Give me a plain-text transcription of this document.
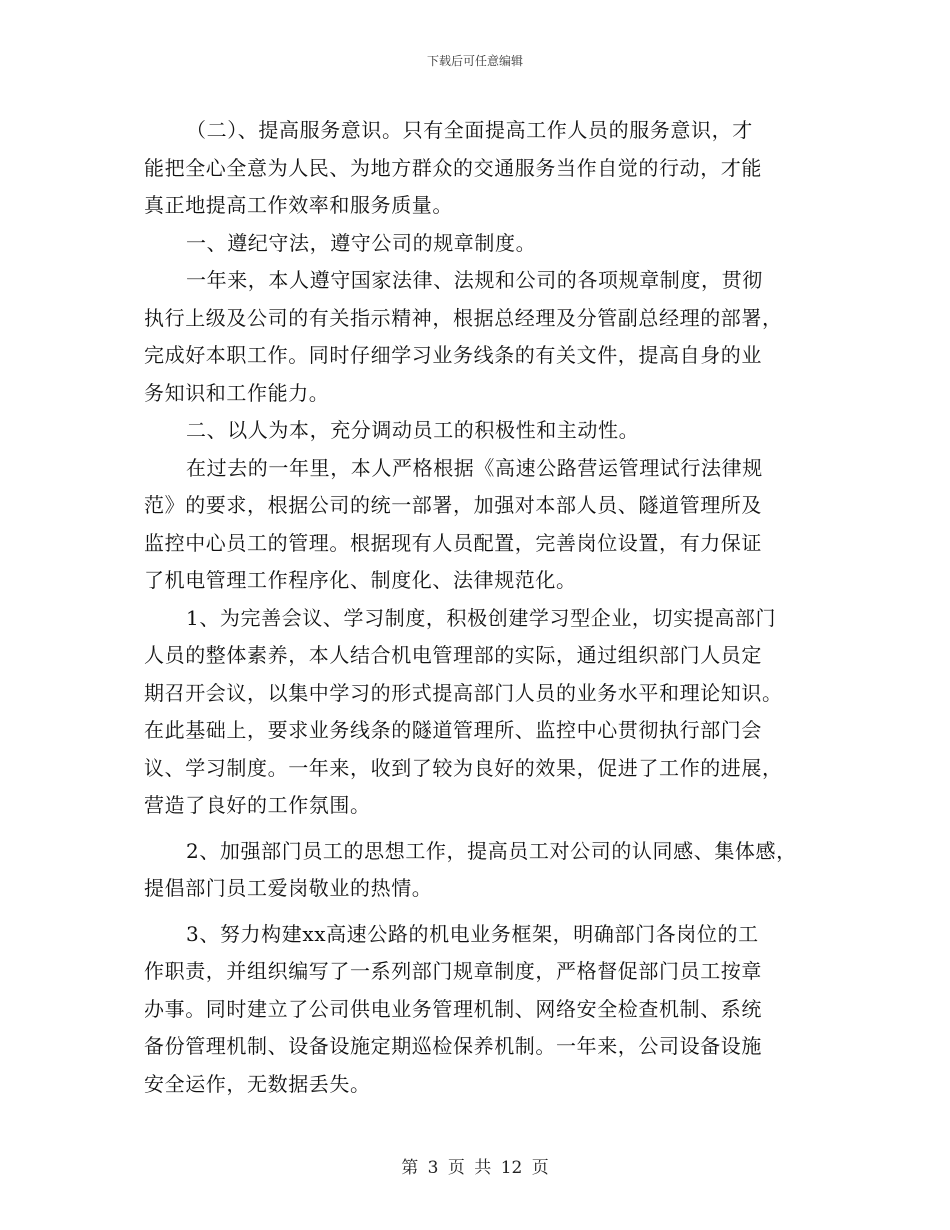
下载后可任意编辑
（二）、提高服务意识。只有全面提高工作人员的服务意识，才
能把全心全意为人民、为地方群众的交通服务当作自觉的行动，才能
真正地提高工作效率和服务质量。
一、遵纪守法，遵守公司的规章制度。
一年来，本人遵守国家法律、法规和公司的各项规章制度，贯彻
执行上级及公司的有关指示精神，根据总经理及分管副总经理的部署，
完成好本职工作。同时仔细学习业务线条的有关文件，提高自身的业
务知识和工作能力。
二、以人为本，充分调动员工的积极性和主动性。
在过去的一年里，本人严格根据《高速公路营运管理试行法律规
范》的要求，根据公司的统一部署，加强对本部人员、隧道管理所及
监控中心员工的管理。根据现有人员配置，完善岗位设置，有力保证
了机电管理工作程序化、制度化、法律规范化。
1、为完善会议、学习制度，积极创建学习型企业，切实提高部门
人员的整体素养，本人结合机电管理部的实际，通过组织部门人员定
期召开会议，以集中学习的形式提高部门人员的业务水平和理论知识。
在此基础上，要求业务线条的隧道管理所、监控中心贯彻执行部门会
议、学习制度。一年来，收到了较为良好的效果，促进了工作的进展，
营造了良好的工作氛围。
2、加强部门员工的思想工作，提高员工对公司的认同感、集体感，
提倡部门员工爱岗敬业的热情。
3、努力构建xx高速公路的机电业务框架，明确部门各岗位的工
作职责，并组织编写了一系列部门规章制度，严格督促部门员工按章
办事。同时建立了公司供电业务管理机制、网络安全检查机制、系统
备份管理机制、设备设施定期巡检保养机制。一年来，公司设备设施
安全运作，无数据丢失。
第 3 页 共 12 页
